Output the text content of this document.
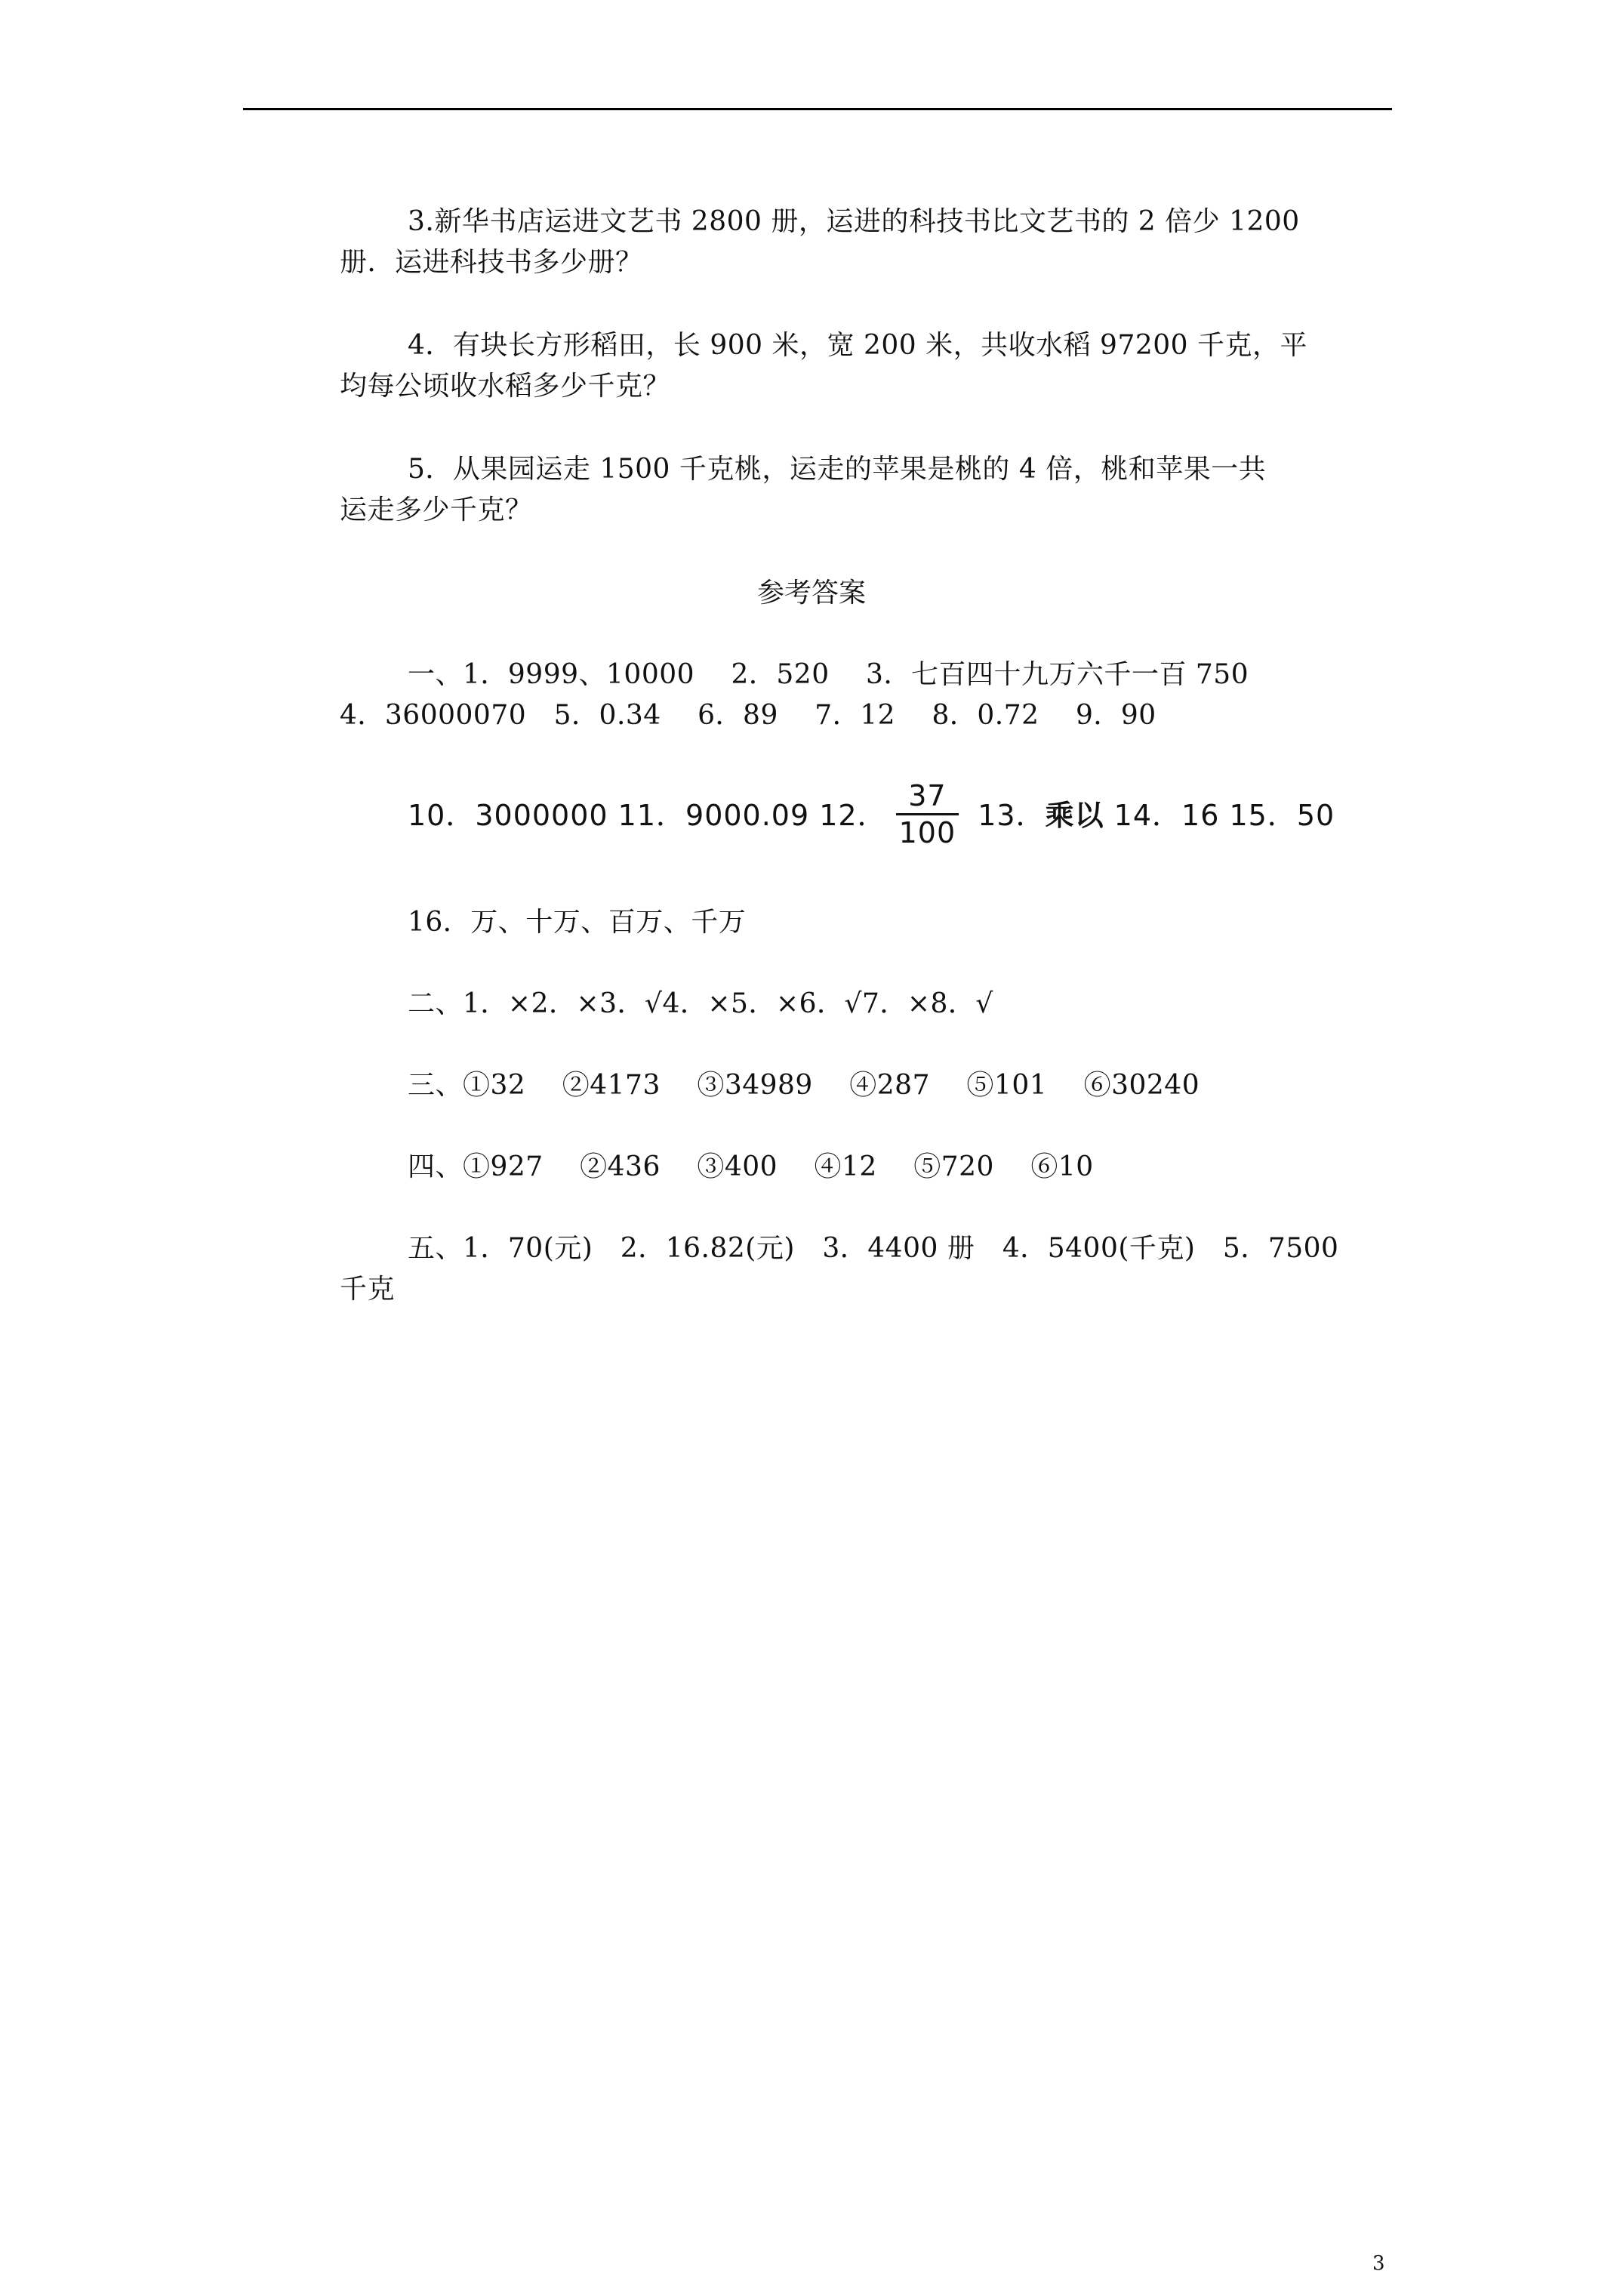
3.新华书店运进文艺书 2800 册，运进的科技书比文艺书的 2 倍少 1200
册．运进科技书多少册？
4．有块长方形稻田，长 900 米，宽 200 米，共收水稻 97200 千克，平
均每公顷收水稻多少千克？
5．从果园运走 1500 千克桃，运走的苹果是桃的 4 倍，桃和苹果一共
运走多少千克？
参考答案
一、1．9999、10000　 2．520　 3．七百四十九万六千一百 750
4．36000070　5．0.34　 6．89　 7．12　 8．0.72　 9．90
10．3000000 11．9000.09 12． $\frac{37}{100} 13$．乘以 14．16 15．50
16．万、十万、百万、千万
二、1．×2．×3．√4．×5．×6．√7．×8．√
三、①32　 ②4173　 ③34989　 ④287　 ⑤101　 ⑥30240
四、①927　 ②436　 ③400　 ④12　 ⑤720　 ⑥10
五、1．70(元)　2．16.82(元)　3．4400 册　4．5400(千克)　5．7500
千克
3
